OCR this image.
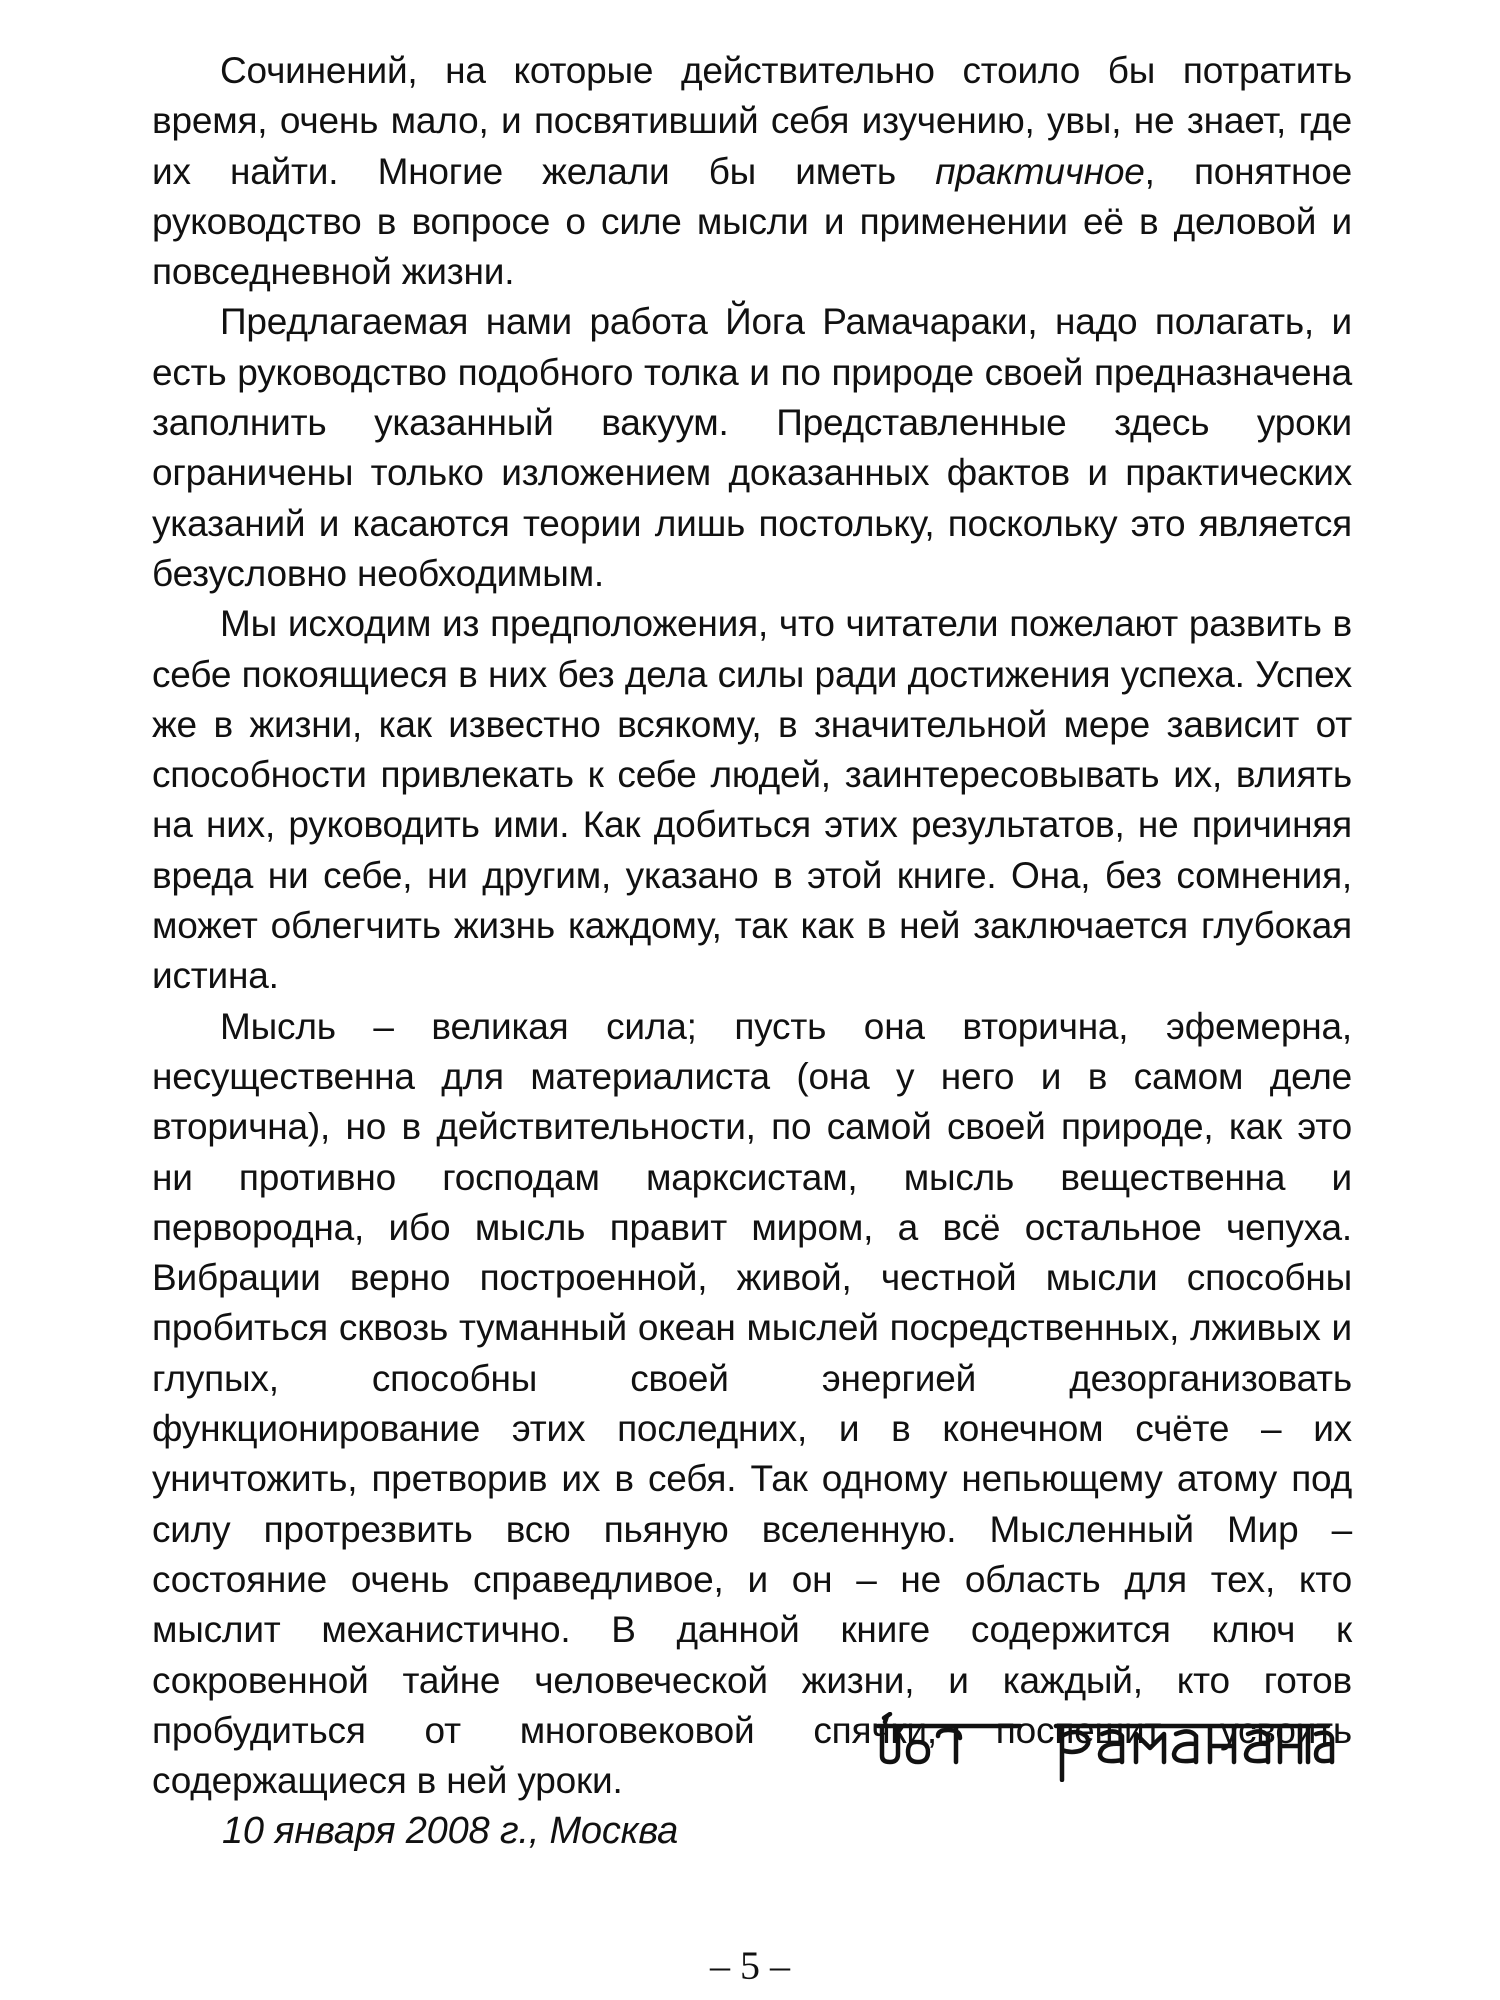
Сочинений, на которые действительно стоило бы потратить время, очень мало, и посвятивший себя изучению, увы, не знает, где их найти. Многие желали бы иметь практичное, понятное руководство в вопросе о силе мысли и применении её в деловой и повседневной жизни.

Предлагаемая нами работа Йога Рамачараки, надо полагать, и есть руководство подобного толка и по природе своей предназначена заполнить указанный вакуум. Представленные здесь уроки ограничены только изложением доказанных фактов и практических указаний и касаются теории лишь постольку, поскольку это является безусловно необходимым.

Мы исходим из предположения, что читатели пожелают развить в себе покоящиеся в них без дела силы ради достижения успеха. Успех же в жизни, как известно всякому, в значительной мере зависит от способности привлекать к себе людей, заинтересовывать их, влиять на них, руководить ими. Как добиться этих результатов, не причиняя вреда ни себе, ни другим, указано в этой книге. Она, без сомнения, может облегчить жизнь каждому, так как в ней заключается глубокая истина.

Мысль – великая сила; пусть она вторична, эфемерна, несущественна для материалиста (она у него и в самом деле вторична), но в действительности, по самой своей природе, как это ни противно господам марксистам, мысль вещественна и первородна, ибо мысль правит миром, а всё остальное чепуха. Вибрации верно построенной, живой, честной мысли способны пробиться сквозь туманный океан мыслей посредственных, лживых и глупых, способны своей энергией дезорганизовать функционирование этих последних, и в конечном счёте – их уничтожить, претворив их в себя. Так одному непьющему атому под силу протрезвить всю пьяную вселенную. Мысленный Мир – состояние очень справедливое, и он – не область для тех, кто мыслит механистично. В данной книге содержится ключ к сокровенной тайне человеческой жизни, и каждый, кто готов пробудиться от многовековой спячки, поспешит усвоить содержащиеся в ней уроки.

10 января 2008 г., Москва
– 5 –
